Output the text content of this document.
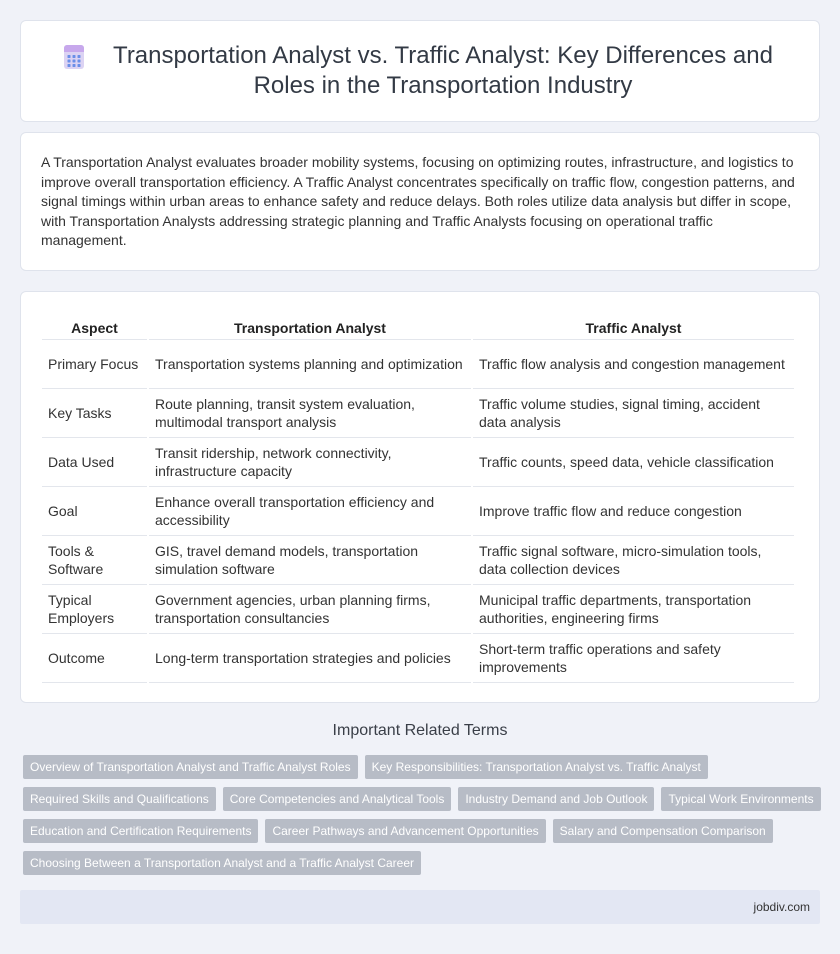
Transportation Analyst vs. Traffic Analyst: Key Differences and Roles in the Transportation Industry

A Transportation Analyst evaluates broader mobility systems, focusing on optimizing routes, infrastructure, and logistics to improve overall transportation efficiency. A Traffic Analyst concentrates specifically on traffic flow, congestion patterns, and signal timings within urban areas to enhance safety and reduce delays. Both roles utilize data analysis but differ in scope, with Transportation Analysts addressing strategic planning and Traffic Analysts focusing on operational traffic management.

Aspect	Transportation Analyst	Traffic Analyst
Primary Focus	Transportation systems planning and optimization	Traffic flow analysis and congestion management
Key Tasks	Route planning, transit system evaluation, multimodal transport analysis	Traffic volume studies, signal timing, accident data analysis
Data Used	Transit ridership, network connectivity, infrastructure capacity	Traffic counts, speed data, vehicle classification
Goal	Enhance overall transportation efficiency and accessibility	Improve traffic flow and reduce congestion
Tools & Software	GIS, travel demand models, transportation simulation software	Traffic signal software, micro-simulation tools, data collection devices
Typical Employers	Government agencies, urban planning firms, transportation consultancies	Municipal traffic departments, transportation authorities, engineering firms
Outcome	Long-term transportation strategies and policies	Short-term traffic operations and safety improvements
Important Related Terms
Overview of Transportation Analyst and Traffic Analyst Roles	Key Responsibilities: Transportation Analyst vs. Traffic Analyst
Required Skills and Qualifications	Core Competencies and Analytical Tools	Industry Demand and Job Outlook	Typical Work Environments
Education and Certification Requirements	Career Pathways and Advancement Opportunities	Salary and Compensation Comparison
Choosing Between a Transportation Analyst and a Traffic Analyst Career
jobdiv.com
